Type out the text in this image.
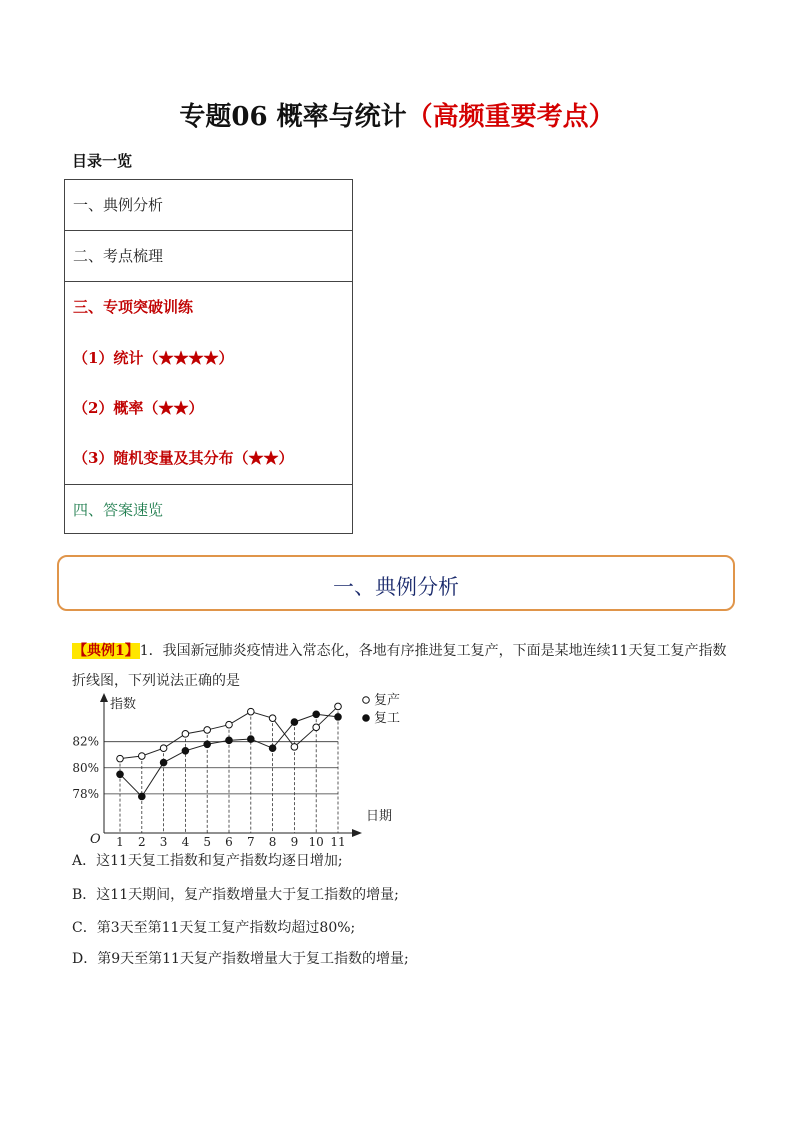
专题06 概率与统计（高频重要考点）
目录一览
一、典例分析
二、考点梳理
三、专项突破训练
（1）统计（★★★★）
（2）概率（★★）
（3）随机变量及其分布（★★）
四、答案速览
一、典例分析
【典例1】1．我国新冠肺炎疫情进入常态化，各地有序推进复工复产，下面是某地连续11天复工复产指数折线图，下列说法正确的是
指数
日期
O
78%
80%
82%
1 2 3 4 5 6 7 8 9 10 11
复产
复工
A．这11天复工指数和复产指数均逐日增加;
B．这11天期间，复产指数增量大于复工指数的增量;
C．第3天至第11天复工复产指数均超过80%;
D．第9天至第11天复产指数增量大于复工指数的增量;
